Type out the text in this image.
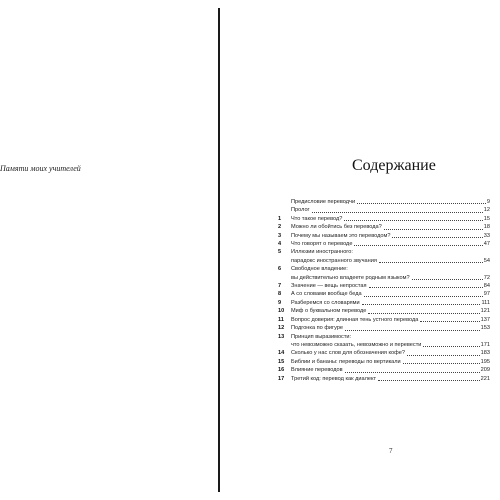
Памяти моих учителей	Содержание
Предисловие переводчи	9
Пролог	12
1	Что такое перевод?	15
2	Можно ли обойтись без перевода?	18
3	Почему мы называем это переводом?	33
4	Что говорят о переводе	47
5	Иллюзии иностранного:
парадокс иностранного звучания	54
6	Свободное владение:
вы действительно владеете родным языком?	72
7	Значение — вещь непростая	84
8	А со словами вообще беда	97
9	Разберемся со словарями	111
10	Миф о буквальном переводе	121
11	Вопрос доверия: длинная тень устного перевода	137
12	Подгонка по фигуре	153
13	Принцип выразимости:
что невозможно сказать, невозможно и перевести	171
14	Сколько у нас слов для обозначения кофе?	183
15	Библии и бананы: переводы по вертикали	195
16	Влияние переводов	209
17	Третий код: перевод как диалект	221
7
